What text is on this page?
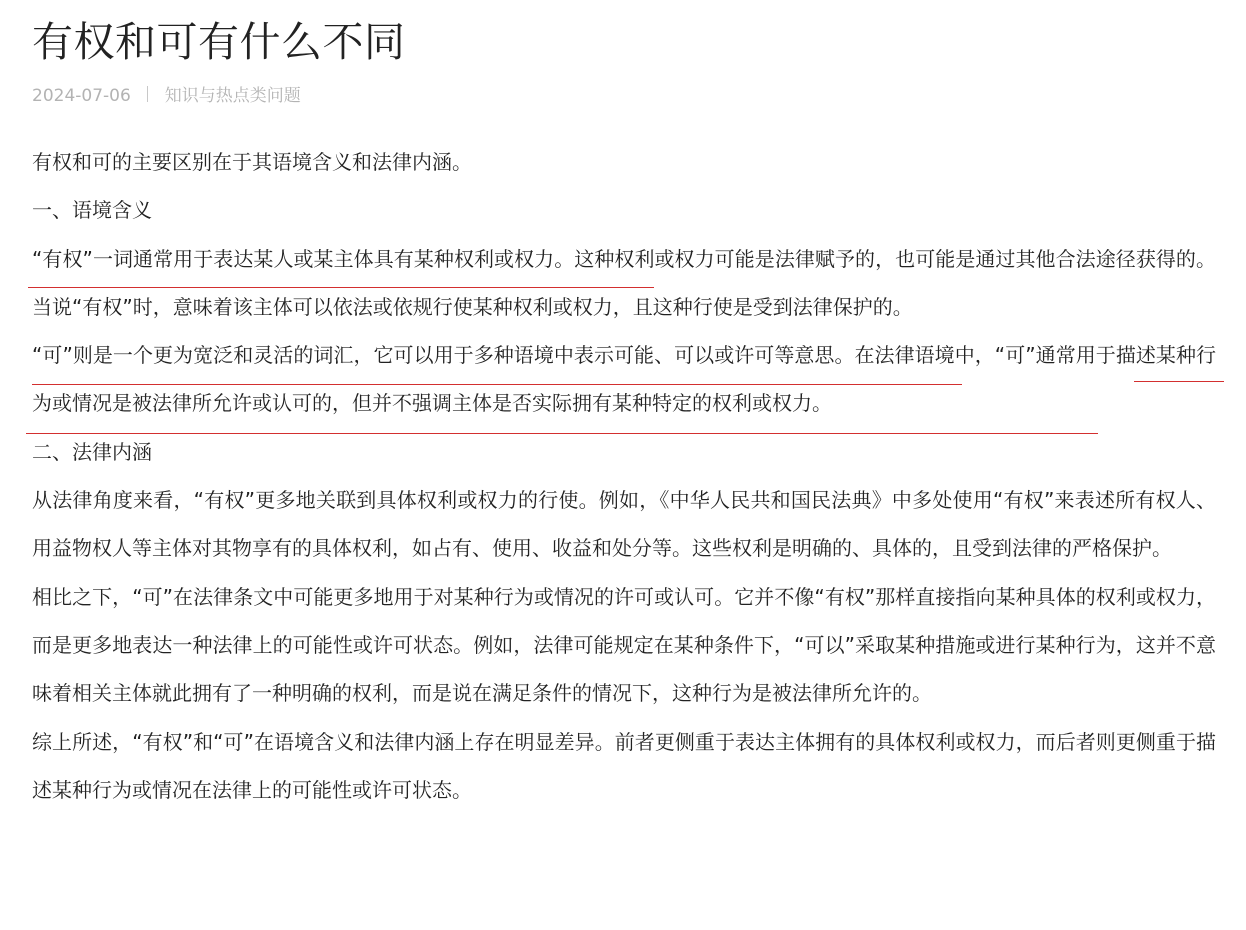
有权和可有什么不同
2024-07-06 知识与热点类问题

有权和可的主要区别在于其语境含义和法律内涵。

一、语境含义

“有权”一词通常用于表达某人或某主体具有某种权利或权力。这种权利或权力可能是法律赋予的，也可能是通过其他合法途径获得的。当说“有权”时，意味着该主体可以依法或依规行使某种权利或权力，且这种行使是受到法律保护的。

“可”则是一个更为宽泛和灵活的词汇，它可以用于多种语境中表示可能、可以或许可等意思。在法律语境中，“可”通常用于描述某种行为或情况是被法律所允许或认可的，但并不强调主体是否实际拥有某种特定的权利或权力。

二、法律内涵

从法律角度来看，“有权”更多地关联到具体权利或权力的行使。例如，《中华人民共和国民法典》中多处使用“有权”来表述所有权人、用益物权人等主体对其物享有的具体权利，如占有、使用、收益和处分等。这些权利是明确的、具体的，且受到法律的严格保护。

相比之下，“可”在法律条文中可能更多地用于对某种行为或情况的许可或认可。它并不像“有权”那样直接指向某种具体的权利或权力，而是更多地表达一种法律上的可能性或许可状态。例如，法律可能规定在某种条件下，“可以”采取某种措施或进行某种行为，这并不意味着相关主体就此拥有了一种明确的权利，而是说在满足条件的情况下，这种行为是被法律所允许的。

综上所述，“有权”和“可”在语境含义和法律内涵上存在明显差异。前者更侧重于表达主体拥有的具体权利或权力，而后者则更侧重于描述某种行为或情况在法律上的可能性或许可状态。
